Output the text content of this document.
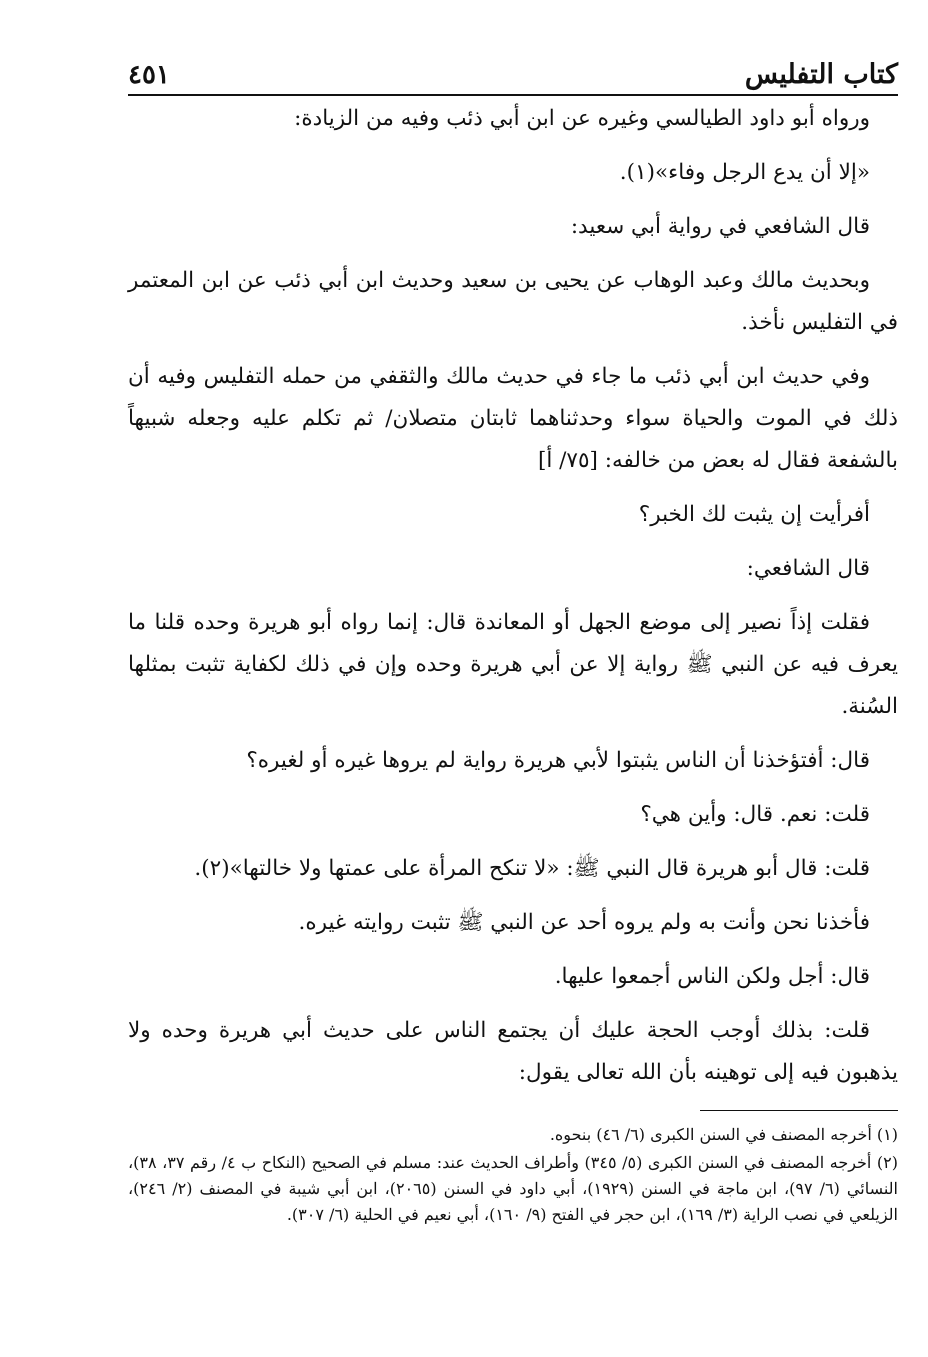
كتاب التفليس
٤٥١

ورواه أبو داود الطيالسي وغيره عن ابن أبي ذئب وفيه من الزيادة:

«إلا أن يدع الرجل وفاء»(١).

قال الشافعي في رواية أبي سعيد:

وبحديث مالك وعبد الوهاب عن يحيى بن سعيد وحديث ابن أبي ذئب عن ابن المعتمر في التفليس نأخذ.

وفي حديث ابن أبي ذئب ما جاء في حديث مالك والثقفي من حمله التفليس وفيه أن ذلك في الموت والحياة سواء وحدثناهما ثابتان متصلان/ ثم تكلم عليه وجعله شبيهاً بالشفعة فقال له بعض من خالفه: [٧٥/ أ]

أفرأيت إن يثبت لك الخبر؟

قال الشافعي:

فقلت إذاً نصير إلى موضع الجهل أو المعاندة قال: إنما رواه أبو هريرة وحده قلنا ما يعرف فيه عن النبي ﷺ رواية إلا عن أبي هريرة وحده وإن في ذلك لكفاية تثبت بمثلها السُنة.

قال: أفتؤخذنا أن الناس يثبتوا لأبي هريرة رواية لم يروها غيره أو لغيره؟

قلت: نعم. قال: وأين هي؟

قلت: قال أبو هريرة قال النبي ﷺ: «لا تنكح المرأة على عمتها ولا خالتها»(٢).

فأخذنا نحن وأنت به ولم يروه أحد عن النبي ﷺ تثبت روايته غيره.

قال: أجل ولكن الناس أجمعوا عليها.

قلت: بذلك أوجب الحجة عليك أن يجتمع الناس على حديث أبي هريرة وحده ولا يذهبون فيه إلى توهينه بأن الله تعالى يقول:

(١) أخرجه المصنف في السنن الكبرى (٦/ ٤٦) بنحوه.

(٢) أخرجه المصنف في السنن الكبرى (٥/ ٣٤٥) وأطراف الحديث عند: مسلم في الصحيح (النكاح ب ٤/ رقم ٣٧، ٣٨)، النسائي (٦/ ٩٧)، ابن ماجة في السنن (١٩٢٩)، أبي داود في السنن (٢٠٦٥)، ابن أبي شيبة في المصنف (٢/ ٢٤٦)، الزيلعي في نصب الراية (٣/ ١٦٩)، ابن حجر في الفتح (٩/ ١٦٠)، أبي نعيم في الحلية (٦/ ٣٠٧).
